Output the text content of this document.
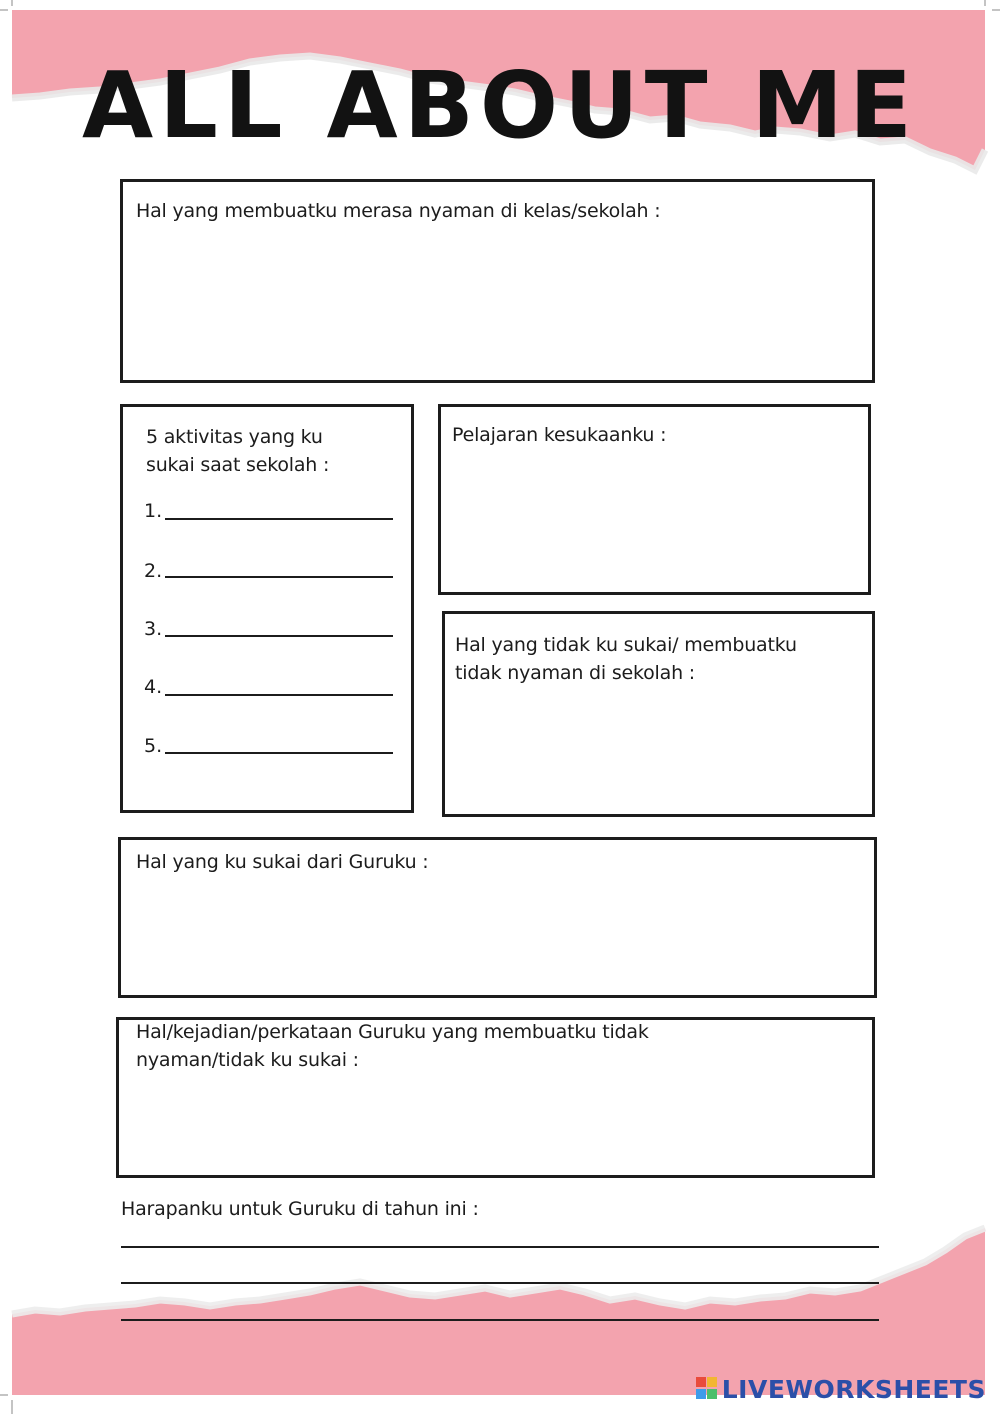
ALL ABOUT ME
Hal yang membuatku merasa nyaman di kelas/sekolah :
5 aktivitas yang ku
sukai saat sekolah :
1.
2.
3.
4.
5.
Pelajaran kesukaanku :
Hal yang tidak ku sukai/ membuatku
tidak nyaman di sekolah :
Hal yang ku sukai dari Guruku :
Hal/kejadian/perkataan Guruku yang membuatku tidak
nyaman/tidak ku sukai :
Harapanku untuk Guruku di tahun ini :
LIVEWORKSHEETS
